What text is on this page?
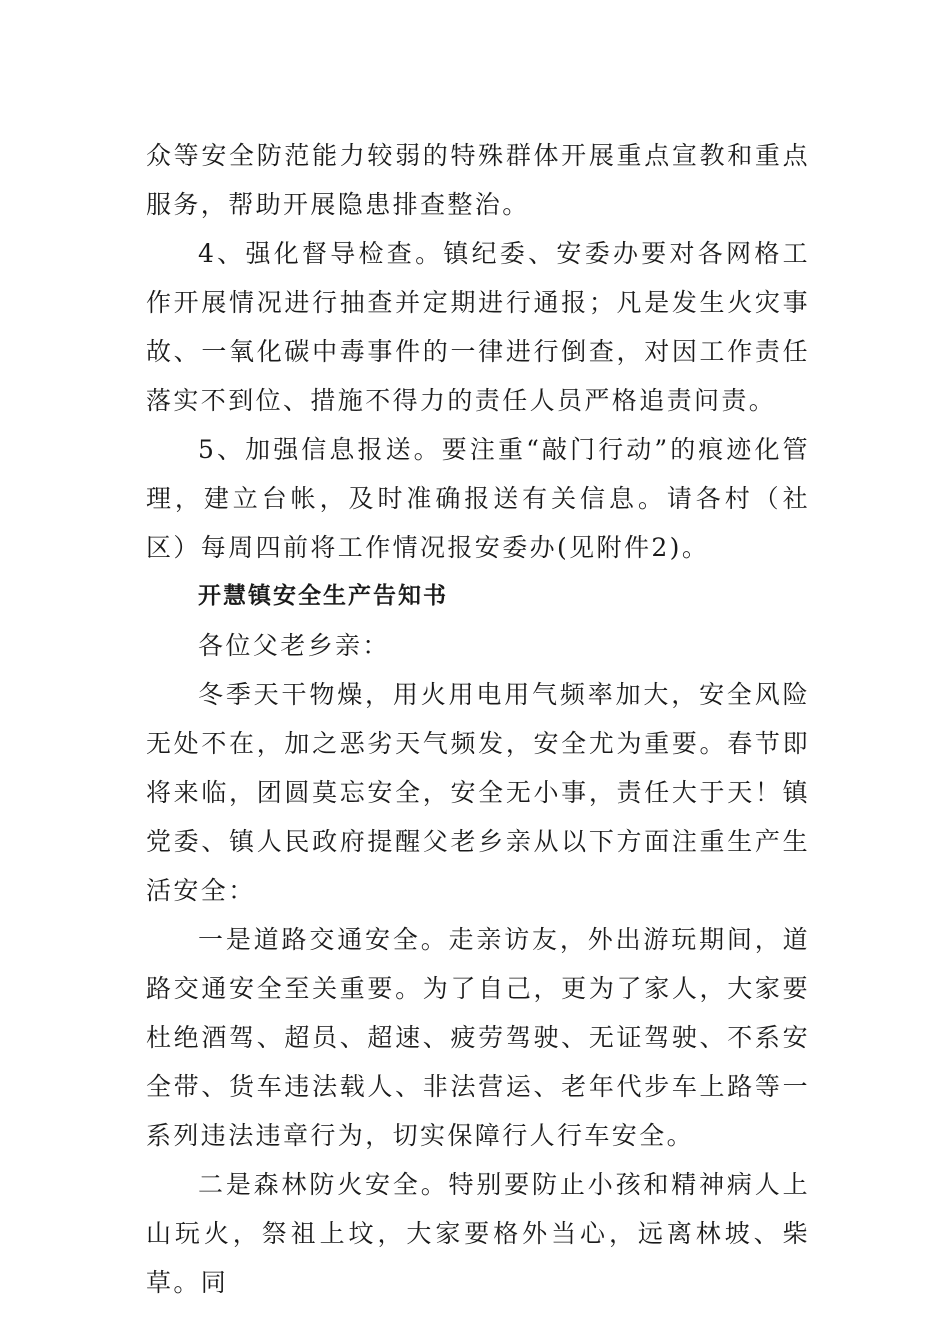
众等安全防范能力较弱的特殊群体开展重点宣教和重点服务，帮助开展隐患排查整治。

4、强化督导检查。镇纪委、安委办要对各网格工作开展情况进行抽查并定期进行通报；凡是发生火灾事故、一氧化碳中毒事件的一律进行倒查，对因工作责任落实不到位、措施不得力的责任人员严格追责问责。

5、加强信息报送。要注重“敲门行动”的痕迹化管理，建立台帐，及时准确报送有关信息。请各村（社区）每周四前将工作情况报安委办(见附件2)。

开慧镇安全生产告知书

各位父老乡亲：

冬季天干物燥，用火用电用气频率加大，安全风险无处不在，加之恶劣天气频发，安全尤为重要。春节即将来临，团圆莫忘安全，安全无小事，责任大于天！镇党委、镇人民政府提醒父老乡亲从以下方面注重生产生活安全：

一是道路交通安全。走亲访友，外出游玩期间，道路交通安全至关重要。为了自己，更为了家人，大家要杜绝酒驾、超员、超速、疲劳驾驶、无证驾驶、不系安全带、货车违法载人、非法营运、老年代步车上路等一系列违法违章行为，切实保障行人行车安全。

二是森林防火安全。特别要防止小孩和精神病人上山玩火，祭祖上坟，大家要格外当心，远离林坡、柴草。同
